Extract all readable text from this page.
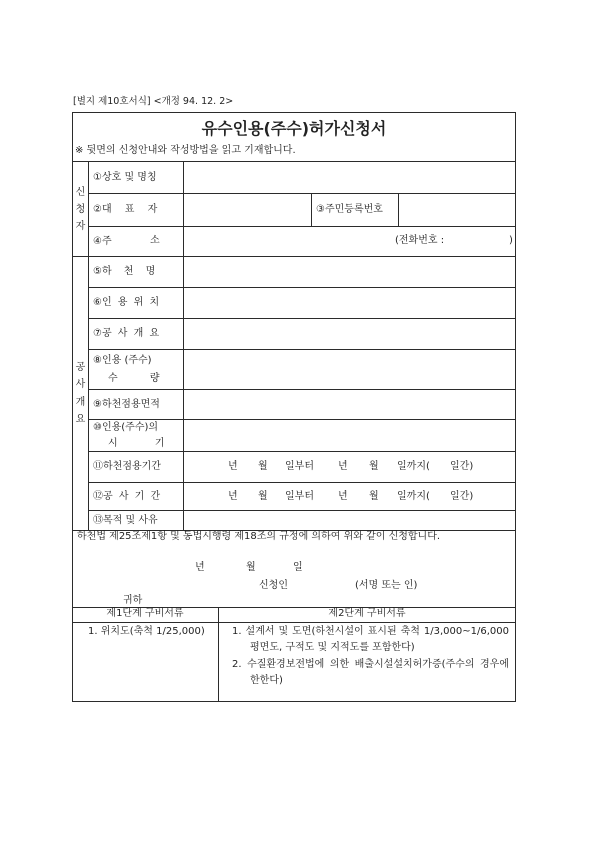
[별지 제10호서식] <개정 94. 12. 2>
유수인용(주수)허가신청서
※ 뒷면의 신청안내와 작성방법을 읽고 기재합니다.
신
청
자
①상호 및 명칭
②대 표 자	③주민등록번호
④주	소	(전화번호 :	)
공
사
개
요
⑤하 천 명
⑥인 용 위 치
⑦공 사 개 요
⑧인용 (주수)
수 량
⑨하천점용면적
⑩인용(주수)의
시 기
⑪하천점용기간	년 월 일부터 년 월 일까지( 일간)
⑫공 사 기 간	년 월 일부터 년 월 일까지( 일간)
⑬목적 및 사유
하천법 제25조제1항 및 동법시행령 제18조의 규정에 의하여 위와 같이 신청합니다.
년	월	일
신청인	(서명 또는 인)
귀하
제1단계 구비서류	제2단계 구비서류
1. 위치도(축척 1/25,000)	1. 설계서 및 도면(하천시설이 표시된 축척 1/3,000~1/6,000평면도, 구적도 및 지적도를 포함한다)

2. 수질환경보전법에 의한 배출시설설치허가증(주수의 경우에 한한다)
